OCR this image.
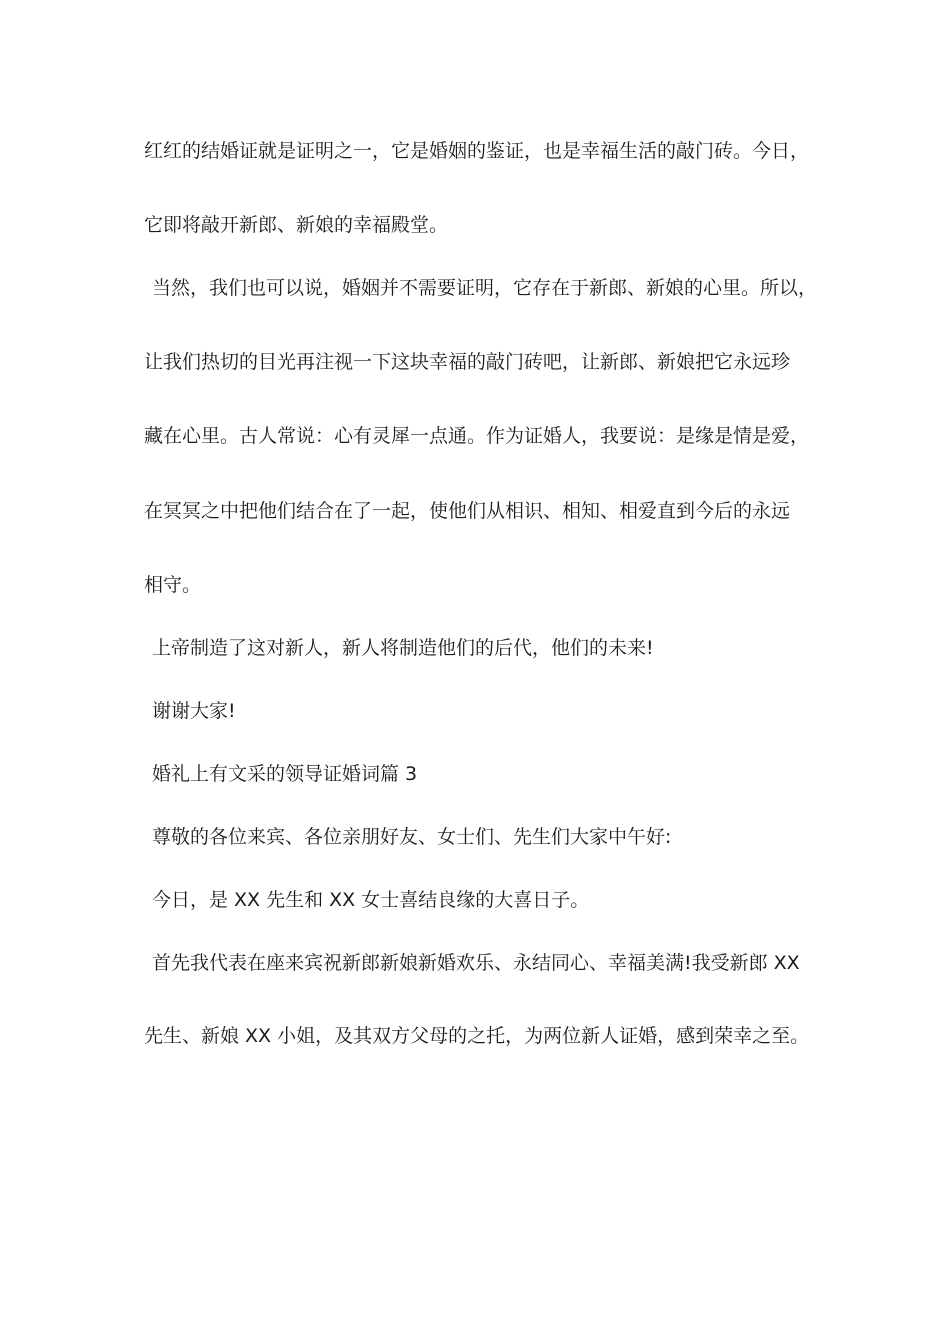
红红的结婚证就是证明之一，它是婚姻的鉴证，也是幸福生活的敲门砖。今日，
它即将敲开新郎、新娘的幸福殿堂。
当然，我们也可以说，婚姻并不需要证明，它存在于新郎、新娘的心里。所以，
让我们热切的目光再注视一下这块幸福的敲门砖吧，让新郎、新娘把它永远珍
藏在心里。古人常说：心有灵犀一点通。作为证婚人，我要说：是缘是情是爱，
在冥冥之中把他们结合在了一起，使他们从相识、相知、相爱直到今后的永远
相守。
上帝制造了这对新人，新人将制造他们的后代，他们的未来!
谢谢大家!
婚礼上有文采的领导证婚词篇 3
尊敬的各位来宾、各位亲朋好友、女士们、先生们大家中午好:
今日，是 XX 先生和 XX 女士喜结良缘的大喜日子。
首先我代表在座来宾祝新郎新娘新婚欢乐、永结同心、幸福美满!我受新郎 XX
先生、新娘 XX 小姐，及其双方父母的之托，为两位新人证婚，感到荣幸之至。
